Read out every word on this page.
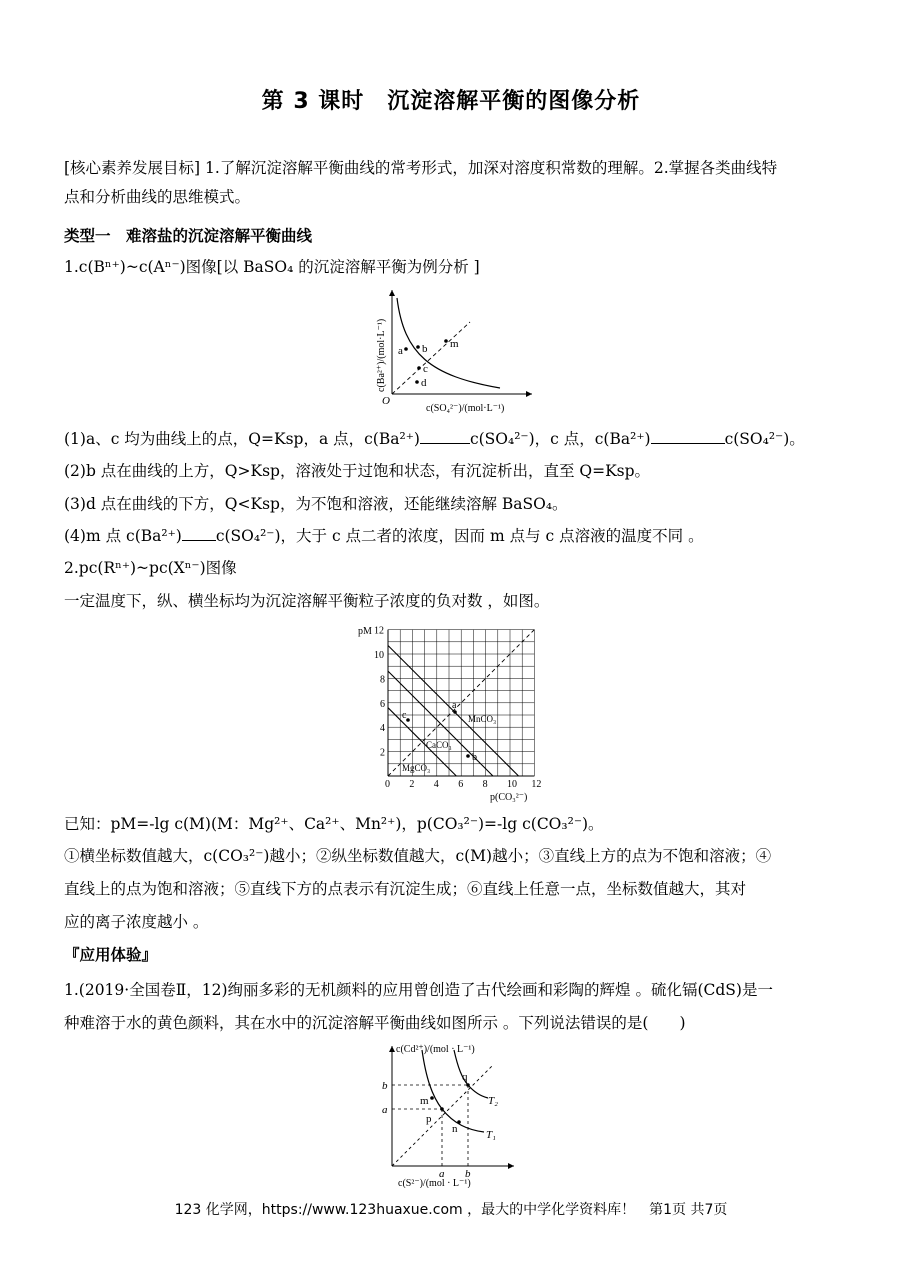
第 3 课时　沉淀溶解平衡的图像分析
[核心素养发展目标] 1.了解沉淀溶解平衡曲线的常考形式，加深对溶度积常数的理解。2.掌握各类曲线特
点和分析曲线的思维模式。
类型一　难溶盐的沉淀溶解平衡曲线
1.c(Bⁿ⁺)~c(Aⁿ⁻)图像[以 BaSO₄ 的沉淀溶解平衡为例分析 ]
a b
c
d
m
O
c(SO₄²⁻)/(mol·L⁻¹)
c(Ba²⁺)/(mol·L⁻¹)
(1)a、c 均为曲线上的点，Q=Ksp，a 点，c(Ba²⁺)	c(SO₄²⁻)，c 点，c(Ba²⁺)	c(SO₄²⁻)。
(2)b 点在曲线的上方，Q>Ksp，溶液处于过饱和状态，有沉淀析出，直至 Q=Ksp。
(3)d 点在曲线的下方，Q<Ksp，为不饱和溶液，还能继续溶解 BaSO₄。
(4)m 点 c(Ba²⁺) c(SO₄²⁻)，大于 c 点二者的浓度，因而 m 点与 c 点溶液的温度不同 。
2.pc(Rⁿ⁺)~pc(Xⁿ⁻)图像
一定温度下，纵、横坐标均为沉淀溶解平衡粒子浓度的负对数 ，如图。
0 2 4 6 8 10 12
2
4
6
8
10
12
pM
p(CO₃²⁻)
MnCO₃
CaCO₃
MgCO₃
a
b
c
已知：pM=-lg c(M)(M：Mg²⁺、Ca²⁺、Mn²⁺)，p(CO₃²⁻)=-lg c(CO₃²⁻)。
①横坐标数值越大，c(CO₃²⁻)越小；②纵坐标数值越大，c(M)越小；③直线上方的点为不饱和溶液；④
直线上的点为饱和溶液；⑤直线下方的点表示有沉淀生成；⑥直线上任意一点，坐标数值越大，其对
应的离子浓度越小 。
『应用体验』
1.(2019·全国卷Ⅱ，12)绚丽多彩的无机颜料的应用曾创造了古代绘画和彩陶的辉煌 。硫化镉(CdS)是一
种难溶于水的黄色颜料，其在水中的沉淀溶解平衡曲线如图所示 。下列说法错误的是(　　)
m
n
p
q
T₂
T₁
b
a
a b
c(Cd²⁺)/(mol · L⁻¹)
c(S²⁻)/(mol · L⁻¹)
123 化学网，https://www.123huaxue.com ，最大的中学化学资料库！　第1页 共7页
